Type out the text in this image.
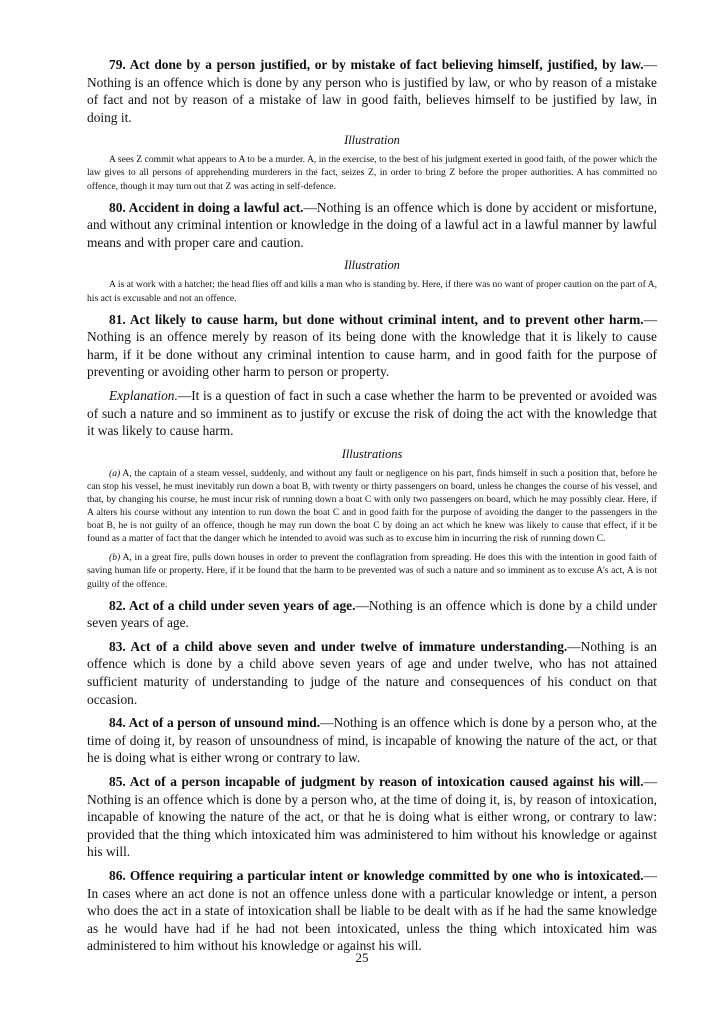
79. Act done by a person justified, or by mistake of fact believing himself, justified, by law.—Nothing is an offence which is done by any person who is justified by law, or who by reason of a mistake of fact and not by reason of a mistake of law in good faith, believes himself to be justified by law, in doing it.

Illustration

A sees Z commit what appears to A to be a murder. A, in the exercise, to the best of his judgment exerted in good faith, of the power which the law gives to all persons of apprehending murderers in the fact, seizes Z, in order to bring Z before the proper authorities. A has committed no offence, though it may turn out that Z was acting in self-defence.

80. Accident in doing a lawful act.—Nothing is an offence which is done by accident or misfortune, and without any criminal intention or knowledge in the doing of a lawful act in a lawful manner by lawful means and with proper care and caution.

Illustration

A is at work with a hatchet; the head flies off and kills a man who is standing by. Here, if there was no want of proper caution on the part of A, his act is excusable and not an offence.

81. Act likely to cause harm, but done without criminal intent, and to prevent other harm.—Nothing is an offence merely by reason of its being done with the knowledge that it is likely to cause harm, if it be done without any criminal intention to cause harm, and in good faith for the purpose of preventing or avoiding other harm to person or property.

Explanation.—It is a question of fact in such a case whether the harm to be prevented or avoided was of such a nature and so imminent as to justify or excuse the risk of doing the act with the knowledge that it was likely to cause harm.

Illustrations

(a) A, the captain of a steam vessel, suddenly, and without any fault or negligence on his part, finds himself in such a position that, before he can stop his vessel, he must inevitably run down a boat B, with twenty or thirty passengers on board, unless he changes the course of his vessel, and that, by changing his course, he must incur risk of running down a boat C with only two passengers on board, which he may possibly clear. Here, if A alters his course without any intention to run down the boat C and in good faith for the purpose of avoiding the danger to the passengers in the boat B, he is not guilty of an offence, though he may run down the boat C by doing an act which he knew was likely to cause that effect, if it be found as a matter of fact that the danger which he intended to avoid was such as to excuse him in incurring the risk of running down C.

(b) A, in a great fire, pulls down houses in order to prevent the conflagration from spreading. He does this with the intention in good faith of saving human life or property. Here, if it be found that the harm to be prevented was of such a nature and so imminent as to excuse A's act, A is not guilty of the offence.

82. Act of a child under seven years of age.—Nothing is an offence which is done by a child under seven years of age.

83. Act of a child above seven and under twelve of immature understanding.—Nothing is an offence which is done by a child above seven years of age and under twelve, who has not attained sufficient maturity of understanding to judge of the nature and consequences of his conduct on that occasion.

84. Act of a person of unsound mind.—Nothing is an offence which is done by a person who, at the time of doing it, by reason of unsoundness of mind, is incapable of knowing the nature of the act, or that he is doing what is either wrong or contrary to law.

85. Act of a person incapable of judgment by reason of intoxication caused against his will.—Nothing is an offence which is done by a person who, at the time of doing it, is, by reason of intoxication, incapable of knowing the nature of the act, or that he is doing what is either wrong, or contrary to law: provided that the thing which intoxicated him was administered to him without his knowledge or against his will.

86. Offence requiring a particular intent or knowledge committed by one who is intoxicated.—In cases where an act done is not an offence unless done with a particular knowledge or intent, a person who does the act in a state of intoxication shall be liable to be dealt with as if he had the same knowledge as he would have had if he had not been intoxicated, unless the thing which intoxicated him was administered to him without his knowledge or against his will.

25
